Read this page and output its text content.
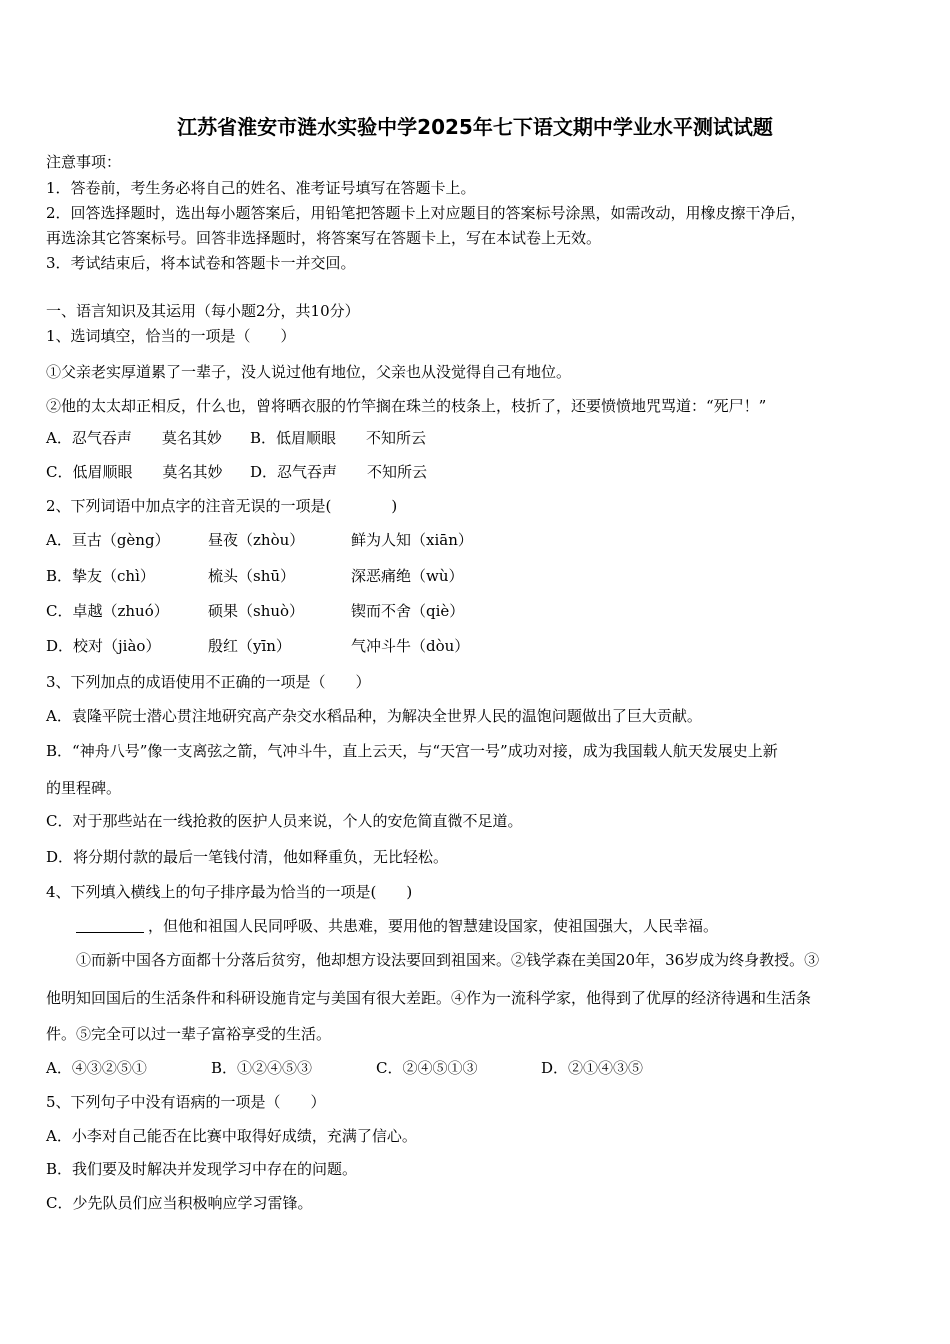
江苏省淮安市涟水实验中学2025年七下语文期中学业水平测试试题
注意事项：
1．答卷前，考生务必将自己的姓名、准考证号填写在答题卡上。
2．回答选择题时，选出每小题答案后，用铅笔把答题卡上对应题目的答案标号涂黑，如需改动，用橡皮擦干净后，
再选涂其它答案标号。回答非选择题时，将答案写在答题卡上，写在本试卷上无效。
3．考试结束后，将本试卷和答题卡一并交回。
一、语言知识及其运用（每小题2分，共10分）
1、选词填空，恰当的一项是（　　）
①父亲老实厚道累了一辈子，没人说过他有地位，父亲也从没觉得自己有地位。
②他的太太却正相反，什么也，曾将晒衣服的竹竿搁在珠兰的枝条上，枝折了，还要愤愤地咒骂道：“死尸！”
A．忍气吞声　　莫名其妙 B．低眉顺眼　　不知所云
C．低眉顺眼　　莫名其妙 D．忍气吞声　　不知所云
2、下列词语中加点字的注音无误的一项是(　　　　)
A．亘古（gèng）	昼夜（zhòu）	鲜为人知（xiān）
B．挚友（chì）	梳头（shū）	深恶痛绝（wù）
C．卓越（zhuó）	硕果（shuò）	锲而不舍（qiè）
D．校对（jiào）	殷红（yīn）	气冲斗牛（dòu）
3、下列加点的成语使用不正确的一项是（　　）
A．袁隆平院士潜心贯注地研究高产杂交水稻品种，为解决全世界人民的温饱问题做出了巨大贡献。
B．“神舟八号”像一支离弦之箭，气冲斗牛，直上云天，与“天宫一号”成功对接，成为我国载人航天发展史上新
的里程碑。
C．对于那些站在一线抢救的医护人员来说，个人的安危简直微不足道。
D．将分期付款的最后一笔钱付清，他如释重负，无比轻松。
4、下列填入横线上的句子排序最为恰当的一项是(　　)
，但他和祖国人民同呼吸、共患难，要用他的智慧建设国家，使祖国强大，人民幸福。
①而新中国各方面都十分落后贫穷，他却想方设法要回到祖国来。②钱学森在美国20年，36岁成为终身教授。③
他明知回国后的生活条件和科研设施肯定与美国有很大差距。④作为一流科学家，他得到了优厚的经济待遇和生活条
件。⑤完全可以过一辈子富裕享受的生活。
A．④③②⑤①	B．①②④⑤③	C．②④⑤①③	D．②①④③⑤
5、下列句子中没有语病的一项是（　　）
A．小李对自己能否在比赛中取得好成绩，充满了信心。
B．我们要及时解决并发现学习中存在的问题。
C．少先队员们应当积极响应学习雷锋。
